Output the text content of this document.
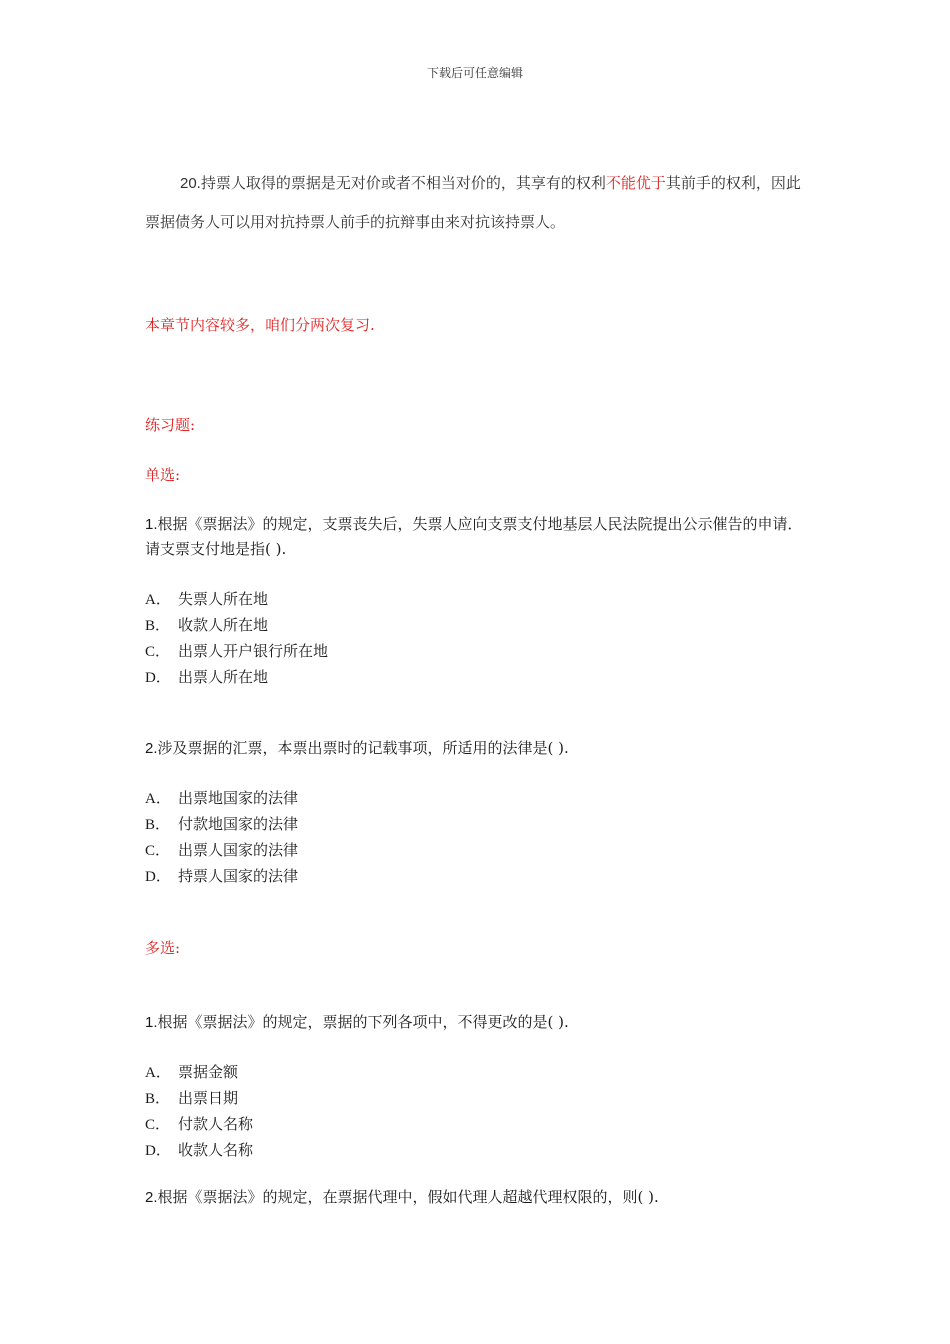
下载后可任意编辑
20.持票人取得的票据是无对价或者不相当对价的，其享有的权利不能优于其前手的权利，因此票据债务人可以用对抗持票人前手的抗辩事由来对抗该持票人。
本章节内容较多，咱们分两次复习.
练习题:
单选:
1.根据《票据法》的规定，支票丧失后，失票人应向支票支付地基层人民法院提出公示催告的申请．请支票支付地是指( ).
A． 失票人所在地
B． 收款人所在地
C． 出票人开户银行所在地
D． 出票人所在地
2.涉及票据的汇票，本票出票时的记载事项，所适用的法律是( ).
A． 出票地国家的法律
B． 付款地国家的法律
C． 出票人国家的法律
D． 持票人国家的法律
多选:
1.根据《票据法》的规定，票据的下列各项中，不得更改的是( ).
A． 票据金额
B． 出票日期
C． 付款人名称
D． 收款人名称
2.根据《票据法》的规定，在票据代理中，假如代理人超越代理权限的，则( ).
